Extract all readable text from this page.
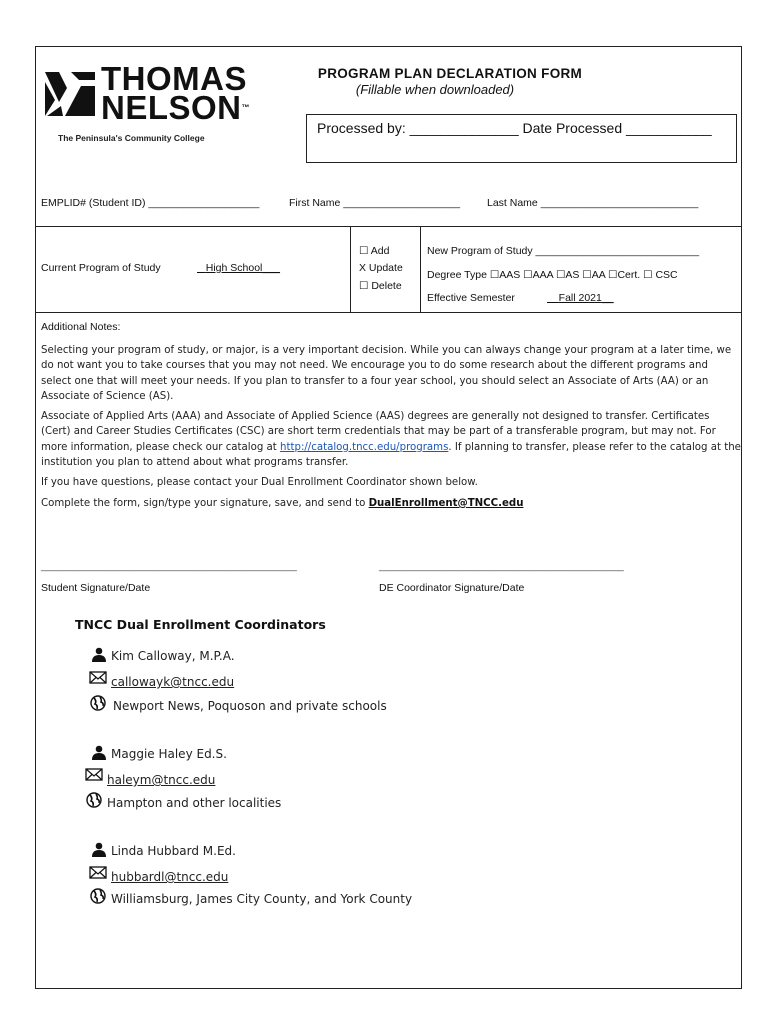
THOMAS
NELSON™
The Peninsula's Community College
PROGRAM PLAN DECLARATION FORM
(Fillable when downloaded)
Processed by: ______________ Date Processed ___________
EMPLID# (Student ID) ___________________	First Name ____________________	Last Name ___________________________
Current Program of Study	High School___
☐ Add
X Update
☐ Delete
New Program of Study ____________________________
Degree Type ☐AAS ☐AAA ☐AS ☐AA ☐Cert. ☐ CSC
Effective Semester	Fall 2021__
Additional Notes:

Selecting your program of study, or major, is a very important decision. While you can always change your program at a later time, we do not want you to take courses that you may not need. We encourage you to do some research about the different programs and select one that will meet your needs. If you plan to transfer to a four year school, you should select an Associate of Arts (AA) or an Associate of Science (AS).

Associate of Applied Arts (AAA) and Associate of Applied Science (AAS) degrees are generally not designed to transfer. Certificates (Cert) and Career Studies Certificates (CSC) are short term credentials that may be part of a transferable program, but may not. For more information, please check our catalog at http://catalog.tncc.edu/programs. If planning to transfer, please refer to the catalog at the institution you plan to attend about what programs transfer.

If you have questions, please contact your Dual Enrollment Coordinator shown below.

Complete the form, sign/type your signature, save, and send to DualEnrollment@TNCC.edu

______________________________________________
Student Signature/Date
____________________________________________
DE Coordinator Signature/Date
TNCC Dual Enrollment Coordinators
Kim Calloway, M.P.A.
callowayk@tncc.edu
Newport News, Poquoson and private schools
Maggie Haley Ed.S.
haleym@tncc.edu
Hampton and other localities
Linda Hubbard M.Ed.
hubbardl@tncc.edu
Williamsburg, James City County, and York County
